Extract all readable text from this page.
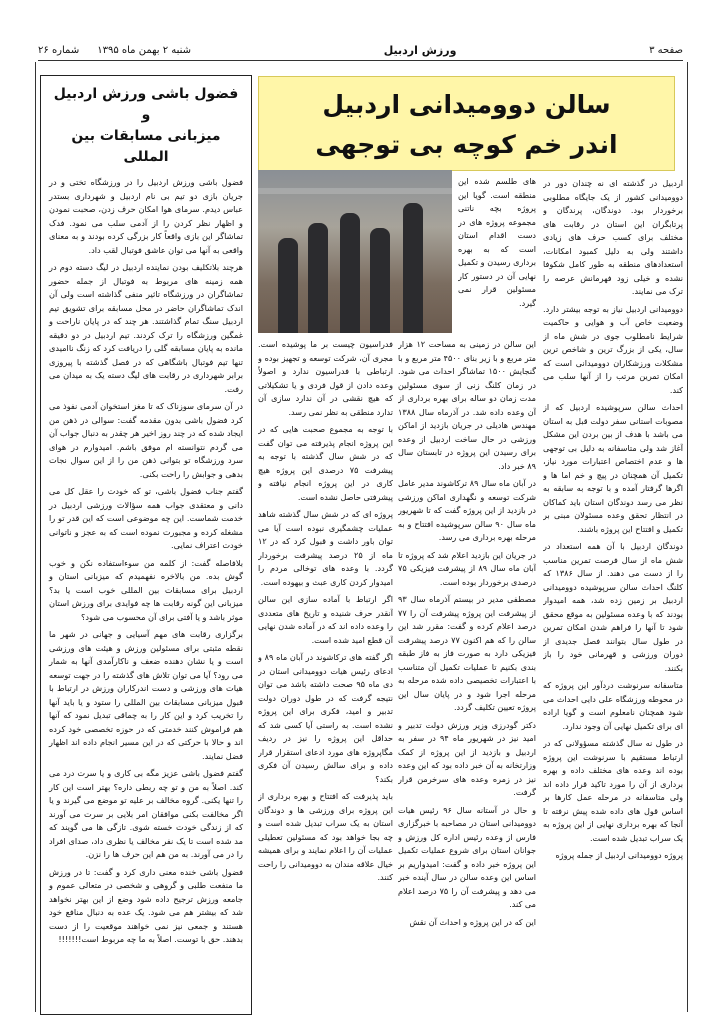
صفحه ۳
ورزش اردبیل
شنبه ۲ بهمن ماه ۱۳۹۵
شماره ۲۶
فضول باشی ورزش اردبیل و
میزبانی مسابقات بین المللی

فضول باشی ورزش اردبیل را در ورزشگاه تختی و در جریان بازی دو تیم بی نام اردبیل و شهرداری بستدر عباس دیدم. سرمای هوا امکان حرف زدن، صحبت نمودن و اظهار نظر کردن را از آدمی سلب می نمود. فدک تماشاگر این بازی واقعاً کار بزرگی کرده بودند و به معنای واقعی به آنها می توان عاشق فوتبال لقب داد.

هرچند بلاتکلیف بودن نماینده اردبیل در لیگ دسته دوم در همه زمینه های مربوط به فوتبال از جمله حضور تماشاگران در ورزشگاه تاثیر منفی گذاشته است ولی آن اندک تماشاگران حاضر در محل مسابقه برای تشویق تیم اردبیل سنگ تمام گذاشتند. هر چند که در پایان ناراحت و غمگین ورزشگاه را ترک کردند. تیم اردبیل در دو دقیقه مانده به پایان مسابقه گلی را دریافت کرد که زنگ ناامیدی تنها تیم فوتبال باشگاهی که در فصل گذشته با پیروزی برابر شهرداری در رقابت های لیگ دسته یک به میدان می رفت.

در آن سرمای سوزناک که تا مغز استخوان آدمی نفوذ می کرد فضول باشی بدون مقدمه گفت: سوالی در ذهن من ایجاد شده که در چند روز اخیر هر چقدر به دنبال جواب آن می گردم نتوانسته ام موفق باشم. امیدوارم در هوای سرد ورزشگاه تو بتوانی ذهن من را از این سوال نجات بدهی و جوابش را راحت بکنی.

گفتم جناب فضول باشی، تو که خودت را عقل کل می دانی و معتقدی جواب همه سؤالات ورزشی اردبیل در خدمت شماست. این چه موضوعی است که این قدر تو را مشغله کرده و مجبورت نموده است که به عجز و ناتوانی خودت اعتراف نمایی.

بلافاصله گفت: از کلمه من سوءاستفاده نکن و خوب گوش بده. من بالاخره نفهمیدم که میزبانی استان و اردبیل برای مسابقات بین المللی خوب است یا بد؟ میزبانی این گونه رقابت ها چه فوایدی برای ورزش استان موثر باشد و یا آفتی برای آن محسوب می شود؟

برگزاری رقابت های مهم آسیایی و جهانی در شهر ما نقطه مثبتی برای مسئولین ورزش و هیئت های ورزشی است و یا نشان دهنده ضعف و ناکارآمدی آنها به شمار می رود؟ آیا می توان تلاش های گذشته را در جهت توسعه هیات های ورزشی و دست اندرکاران ورزش در ارتباط با قبول میزبانی مسابقات بین المللی را ستود و یا باید آنها را تخریب کرد و این کار را به چماقی تبدیل نمود که آنها هم فراموش کنند خدمتی که در حوزه تخصصی خود کرده اند و حالا با حرکتی که در این مسیر انجام داده اند اظهار فضل نمایند.

گفتم فضول باشی عزیز مگه بی کاری و یا سرت درد می کند. اصلاً به من و تو چه ربطی داره؟ بهتر است این کار را تنها یکنی. گروه مخالف بر علیه تو موضع می گیرند و یا اگر مخالفت بکنی موافقان امر بلایی بر سرت می آورند که از زندگی خودت خسته شوی. تازگی ها می گویند که مد شده است تا یک نفر مخالف یا نظری داد، صدای افراد را در می آورند. به من هم این حرف ها را نزن.

فضول باشی خنده معنی داری کرد و گفت: تا در ورزش ما منفعت طلبی و گروهی و شخصی در متعالی عموم و جامعه ورزش ترجیح داده شود وضع از این بهتر نخواهد شد که بیشتر هم می شود. یک عده به دنبال منافع خود هستند و جمعی نیز نمی خواهند موقعیت را از دست بدهند. حق با توست. اصلاً به ما چه مربوط است!!!!!!!

سالن دوومیدانی اردبیل
اندر خم کوچه بی توجهی

های طلسم شده این منطقه است. گویا این پروژه بچه ناتنی مجموعه پروژه های در دست اقدام استان است که به بهره برداری رسیدن و تکمیل نهایی آن در دستور کار مسئولین قرار نمی گیرد.

اردبیل در گذشته ای نه چندان دور در دوومیدانی کشور از یک جایگاه مطلوبی برخوردار بود. دوندگان، پرندگان و پرتابگران این استان در رقابت های مختلف برای کسب حرف های زیادی داشتند ولی به دلیل کمبود امکانات، استعدادهای منطقه به طور کامل شکوفا نشده و خیلی زود فهرمانش عرصه را ترک می نمایند.

دوومیدانی اردبیل نیاز به توجه بیشتر دارد. وضعیت خاص آب و هوایی و حاکمیت شرایط نامطلوب جوی در شش ماه از سال، یکی از بزرگ ترین و شاخص ترین مشکلات ورزشکاران دوومیدانی است که امکان تمرین مرتب را از آنها سلب می کند.

احداث سالن سرپوشیده اردبیل که از مصوبات استانی سفر دولت قبل به استان می باشد با هدف از بین بردن این مشکل آغاز شد ولی متاسفانه به دلیل بی توجهی ها و عدم اختصاص اعتبارات مورد نیاز، تکمیل آن همچنان در پیچ و خم اما ها و اگرها گرفتار آمده و با توجه به سابقه به نظر می رسد دوندگان استان باید کماکان در انتظار تحقق وعده مسئولان مبنی بر تکمیل و افتتاح این پروژه باشند.

دوندگان اردبیل با آن همه استعداد در شش ماه از سال فرصت تمرین مناسب را از دست می دهند. از سال ۱۳۸۶ که کلنگ احداث سالن سرپوشیده دوومیدانی اردبیل بر زمین زده شد، همه امیدوار بودند که با وعده مسئولین به موقع محقق شود تا آنها را فراهم شدن امکان تمرین در طول سال بتوانند فصل جدیدی از دوران ورزشی و قهرمانی خود را باز بکنند.

متاسفانه سرنوشت دردآور این پروژه که در محوطه ورزشگاه علی دایی احداث می شود همچنان نامعلوم است و گویا اراده ای برای تکمیل نهایی آن وجود ندارد.

در طول نه سال گذشته مسؤولانی که در ارتباط مستقیم با سرنوشت این پروژه بوده اند وعده های مختلف داده و بهره برداری از آن را مورد تاکید قرار داده اند ولی متاسفانه در مرحله عمل کارها بر اساس قول های داده شده پیش نرفته تا آنجا که بهره برداری نهایی از این پروژه به یک سراب تبدیل شده است.

پروژه دوومیدانی اردبیل از جمله پروژه

این سالن در زمینی به مساحت ۱۲ هزار متر مربع و با زیر بنای ۴۵۰۰ متر مربع و با گنجایش ۱۵۰۰ تماشاگر احداث می شود. در زمان کلنگ زنی از سوی مسئولین مدت زمان دو ساله برای بهره برداری از آن وعده داده شد. در آذرماه سال ۱۳۸۸ مهندس هادیلی در جریان بازدید از اماکن ورزشی در حال ساخت اردبیل از وعده برای رسیدن این پروژه در تابستان سال ۸۹ خبر داد.

در آبان ماه سال ۸۹ ترکاشوند مدیر عامل شرکت توسعه و نگهداری اماکن ورزشی در بازدید از این پروژه گفت که تا شهریور ماه سال ۹۰ سالن سرپوشیده افتتاح و به مرحله بهره برداری می رسد.

در جریان این بازدید اعلام شد که پروژه تا آبان ماه سال ۸۹ از پیشرفت فیزیکی ۷۵ درصدی برخوردار بوده است.

مصطفی مدیر در بیستم آذرماه سال ۹۳ از پیشرفت این پروژه پیشرفت آن را ۷۷ درصد اعلام کرده و گفت: مقرر شد این سالن را که هم اکنون ۷۷ درصد پیشرفت فیزیکی دارد به صورت فاز به فاز طبقه بندی بکنیم تا عملیات تکمیل آن متناسب با اعتبارات تخصیصی داده شده مرحله به مرحله اجرا شود و در پایان سال این پروژه تعیین تکلیف گردد.

دکتر گودرزی وزیر ورزش دولت تدبیر و امید نیز در شهریور ماه ۹۴ در سفر به اردبیل و بازدید از این پروژه از کمک وزارتخانه به آن خبر داده بود که این وعده نیز در زمره وعده های سرخرمن قرار گرفت.

و حال در آستانه سال ۹۶ رئیس هیات دوومیدانی استان در مصاحبه با خبرگزاری فارس از وعده رئیس اداره کل ورزش و جوانان استان برای شروع عملیات تکمیل این پروژه خبر داده و گفت: امیدواریم بر اساس این وعده سالن در سال آینده خبر می دهد و پیشرفت آن را ۷۵ درصد اعلام می کند.

این که در این پروژه و احداث آن نقش

فدراسیون چیست بر ما پوشیده است. مجری آن، شرکت توسعه و تجهیز بوده و ارتباطی با فدراسیون ندارد و اصولاً وعده دادن از قول فردی و یا تشکیلاتی که هیچ نقشی در آن ندارد سازی آن تدارد منطقی به نظر نمی رسد.

با توجه به مجموع صحبت هایی که در این پروژه انجام پذیرفته می توان گفت که در شش سال گذشته با توجه به پیشرفت ۷۵ درصدی این پروژه هیچ کاری در این پروژه انجام نیافته و پیشرفتی حاصل نشده است.

پروژه ای که در شش سال گذشته شاهد عملیات چشمگیری نبوده است آیا می توان باور داشت و قبول کرد که در ۱۲ ماه از ۲۵ درصد پیشرفت برخوردار گردد. با وعده های توخالی مردم را امیدوار کردن کاری عبث و بیهوده است.

اگر ارتباط با آماده سازی این سالن آنقدر حرف شنیده و تاریخ های متعددی را وعده داده اند که در آماده شدن نهایی آن قطع امید شده است.

اگر گفته های ترکاشوند در آبان ماه ۸۹ و ادعای رئیس هیات دوومیدانی استان در دی ماه ۹۵ صحت داشته باشد می توان نتیجه گرفت که در طول دوران دولت تدبیر و امید، فکری برای این پروژه نشده است. به راستی آیا کسی شد که حداقل این پروژه را نیز در ردیف مگاپروژه های مورد ادعای استقرار قرار داده و برای سالش رسیدن آن فکری بکند؟

باید پذیرفت که افتتاح و بهره برداری از این پروژه برای ورزشی ها و دوندگان استان به یک سراب تبدیل شده است و چه بجا خواهد بود که مسئولین تعطیلی عملیات آن را اعلام نمایند و برای همیشه خیال علاقه مندان به دوومیدانی را راحت کنند.
